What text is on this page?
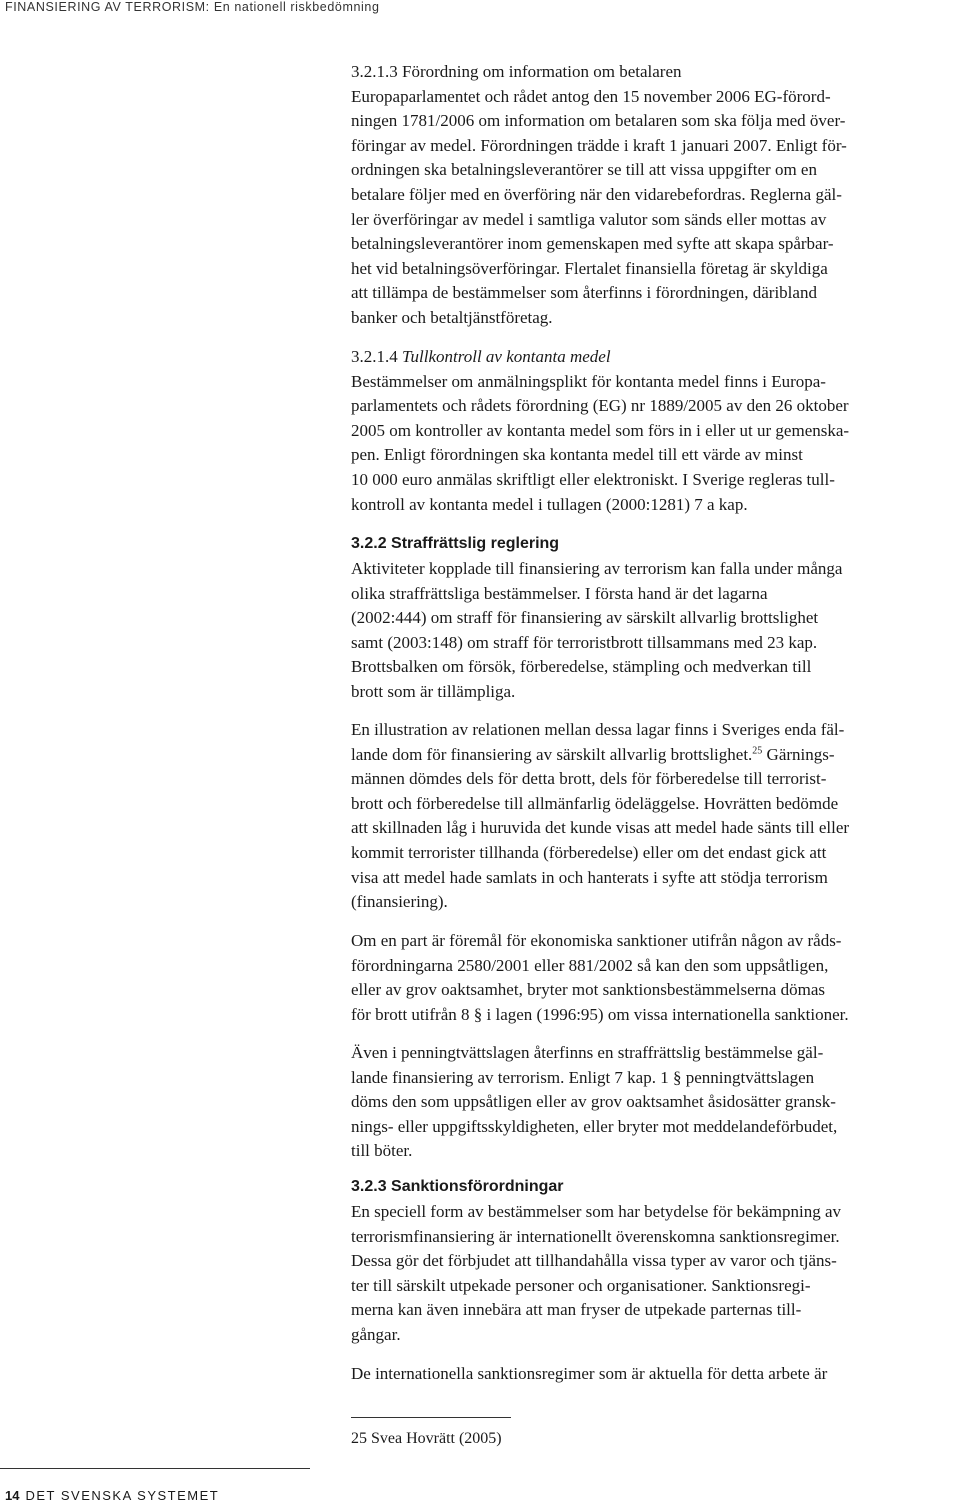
FINANSIERING AV TERRORISM: En nationell riskbedömning

3.2.1.3 Förordning om information om betalaren
Europaparlamentet och rådet antog den 15 november 2006 EG-förord-
ningen 1781/2006 om information om betalaren som ska följa med över-
föringar av medel. Förordningen trädde i kraft 1 januari 2007. Enligt för-
ordningen ska betalningsleverantörer se till att vissa uppgifter om en
betalare följer med en överföring när den vidarebefordras. Reglerna gäl-
ler överföringar av medel i samtliga valutor som sänds eller mottas av
betalningsleverantörer inom gemenskapen med syfte att skapa spårbar-
het vid betalningsöverföringar. Flertalet finansiella företag är skyldiga
att tillämpa de bestämmelser som återfinns i förordningen, däribland
banker och betaltjänstföretag.

3.2.1.4 Tullkontroll av kontanta medel
Bestämmelser om anmälningsplikt för kontanta medel finns i Europa-
parlamentets och rådets förordning (EG) nr 1889/2005 av den 26 oktober
2005 om kontroller av kontanta medel som förs in i eller ut ur gemenska-
pen. Enligt förordningen ska kontanta medel till ett värde av minst
10 000 euro anmälas skriftligt eller elektroniskt. I Sverige regleras tull-
kontroll av kontanta medel i tullagen (2000:1281) 7 a kap.

3.2.2 Straffrättslig reglering

Aktiviteter kopplade till finansiering av terrorism kan falla under många
olika straffrättsliga bestämmelser. I första hand är det lagarna
(2002:444) om straff för finansiering av särskilt allvarlig brottslighet
samt (2003:148) om straff för terroristbrott tillsammans med 23 kap.
Brottsbalken om försök, förberedelse, stämpling och medverkan till
brott som är tillämpliga.

En illustration av relationen mellan dessa lagar finns i Sveriges enda fäl-
lande dom för finansiering av särskilt allvarlig brottslighet.$^{25}$ Gärnings-
männen dömdes dels för detta brott, dels för förberedelse till terrorist-
brott och förberedelse till allmänfarlig ödeläggelse. Hovrätten bedömde
att skillnaden låg i huruvida det kunde visas att medel hade sänts till eller
kommit terrorister tillhanda (förberedelse) eller om det endast gick att
visa att medel hade samlats in och hanterats i syfte att stödja terrorism
(finansiering).

Om en part är föremål för ekonomiska sanktioner utifrån någon av råds-
förordningarna 2580/2001 eller 881/2002 så kan den som uppsåtligen,
eller av grov oaktsamhet, bryter mot sanktionsbestämmelserna dömas
för brott utifrån 8 § i lagen (1996:95) om vissa internationella sanktioner.

Även i penningtvättslagen återfinns en straffrättslig bestämmelse gäl-
lande finansiering av terrorism. Enligt 7 kap. 1 § penningtvättslagen
döms den som uppsåtligen eller av grov oaktsamhet åsidosätter gransk-
nings- eller uppgiftsskyldigheten, eller bryter mot meddelandeförbudet,
till böter.

3.2.3 Sanktionsförordningar

En speciell form av bestämmelser som har betydelse för bekämpning av
terrorismfinansiering är internationellt överenskomna sanktionsregimer.
Dessa gör det förbjudet att tillhandahålla vissa typer av varor och tjäns-
ter till särskilt utpekade personer och organisationer. Sanktionsregi-
merna kan även innebära att man fryser de utpekade parternas till-
gångar.

De internationella sanktionsregimer som är aktuella för detta arbete är

25 Svea Hovrätt (2005)
14 DET SVENSKA SYSTEMET
